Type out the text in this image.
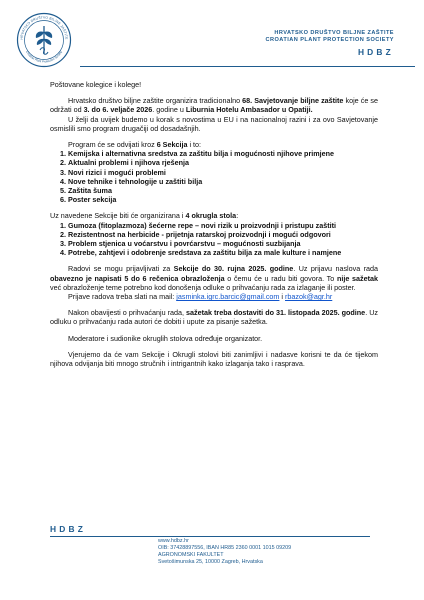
HRVATSKO DRUŠTVO BILJNE ZAŠTITE
Croatian Plant Protection Society
HRVATSKO DRUŠTVO BILJNE ZAŠTITE
CROATIAN PLANT PROTECTION SOCIETY
HDBZ

Poštovane kolegice i kolege!

Hrvatsko društvo biljne zaštite organizira tradicionalno 68. Savjetovanje biljne zaštite koje će se održati od 3. do 6. veljače 2026. godine u Liburnia Hotelu Ambasador u Opatiji.

U želji da uvijek budemo u korak s novostima u EU i na nacionalnoj razini i za ovo Savjetovanje osmislili smo program drugačiji od dosadašnjih.

Program će se odvijati kroz 6 Sekcija i to:

1. Kemijska i alternativna sredstva za zaštitu bilja i mogućnosti njihove primjene
2. Aktualni problemi i njihova rješenja
3. Novi rizici i mogući problemi
4. Nove tehnike i tehnologije u zaštiti bilja
5. Zaštita šuma
6. Poster sekcija

Uz navedene Sekcije biti će organizirana i 4 okrugla stola:

1. Gumoza (fitoplazmoza) šećerne repe – novi rizik u proizvodnji i pristupu zaštiti
2. Rezistentnost na herbicide - prijetnja ratarskoj proizvodnji i mogući odgovori
3. Problem stjenica u voćarstvu i povrćarstvu – mogućnosti suzbijanja
4. Potrebe, zahtjevi i odobrenje sredstava za zaštitu bilja za male kulture i namjene

Radovi se mogu prijavljivati za Sekcije do 30. rujna 2025. godine. Uz prijavu naslova rada obavezno je napisati 5 do 6 rečenica obrazloženja o čemu će u radu biti govora. To nije sažetak već obrazloženje teme potrebno kod donošenja odluke o prihvaćanju rada za izlaganje ili poster.

Prijave radova treba slati na mail: jasminka.igrc.barcic@gmail.com i rbazok@agr.hr

Nakon obavijesti o prihvaćanju rada, sažetak treba dostaviti do 31. listopada 2025. godine. Uz odluku o prihvaćanju rada autori će dobiti i upute za pisanje sažetka.

Moderatore i sudionike okruglih stolova određuje organizator.

Vjerujemo da će vam Sekcije i Okrugli stolovi biti zanimljivi i nadasve korisni te da će tijekom njihova odvijanja biti mnogo stručnih i intrigantnih kako izlaganja tako i rasprava.

HDBZ
www.hdbz.hr
OIB: 37428897556, IBAN HR85 2360 0001 1015 09209
AGRONOMSKI FAKULTET
Svetošimunska 25, 10000 Zagreb, Hrvatska
